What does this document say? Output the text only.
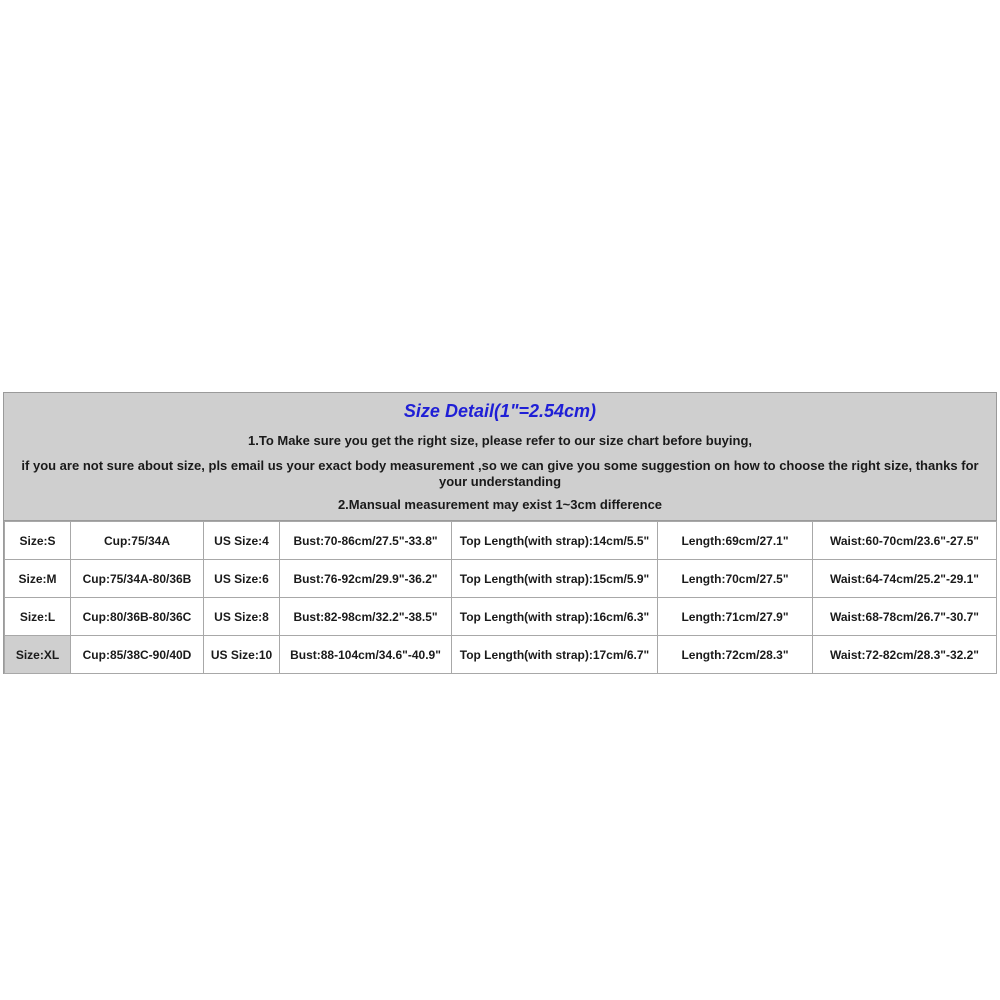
Size Detail(1"=2.54cm)
1.To Make sure you get the right size, please refer to our size chart before buying,
if you are not sure about size, pls email us your exact body measurement ,so we can give you some suggestion on how to choose the right size, thanks for your understanding
2.Mansual measurement may exist 1~3cm difference
Size:S	Cup:75/34A	US Size:4	Bust:70-86cm/27.5"-33.8"	Top Length(with strap):14cm/5.5"	Length:69cm/27.1"	Waist:60-70cm/23.6"-27.5"
Size:M	Cup:75/34A-80/36B	US Size:6	Bust:76-92cm/29.9"-36.2"	Top Length(with strap):15cm/5.9"	Length:70cm/27.5"	Waist:64-74cm/25.2"-29.1"
Size:L	Cup:80/36B-80/36C	US Size:8	Bust:82-98cm/32.2"-38.5"	Top Length(with strap):16cm/6.3"	Length:71cm/27.9"	Waist:68-78cm/26.7"-30.7"
Size:XL	Cup:85/38C-90/40D	US Size:10	Bust:88-104cm/34.6"-40.9"	Top Length(with strap):17cm/6.7"	Length:72cm/28.3"	Waist:72-82cm/28.3"-32.2"
